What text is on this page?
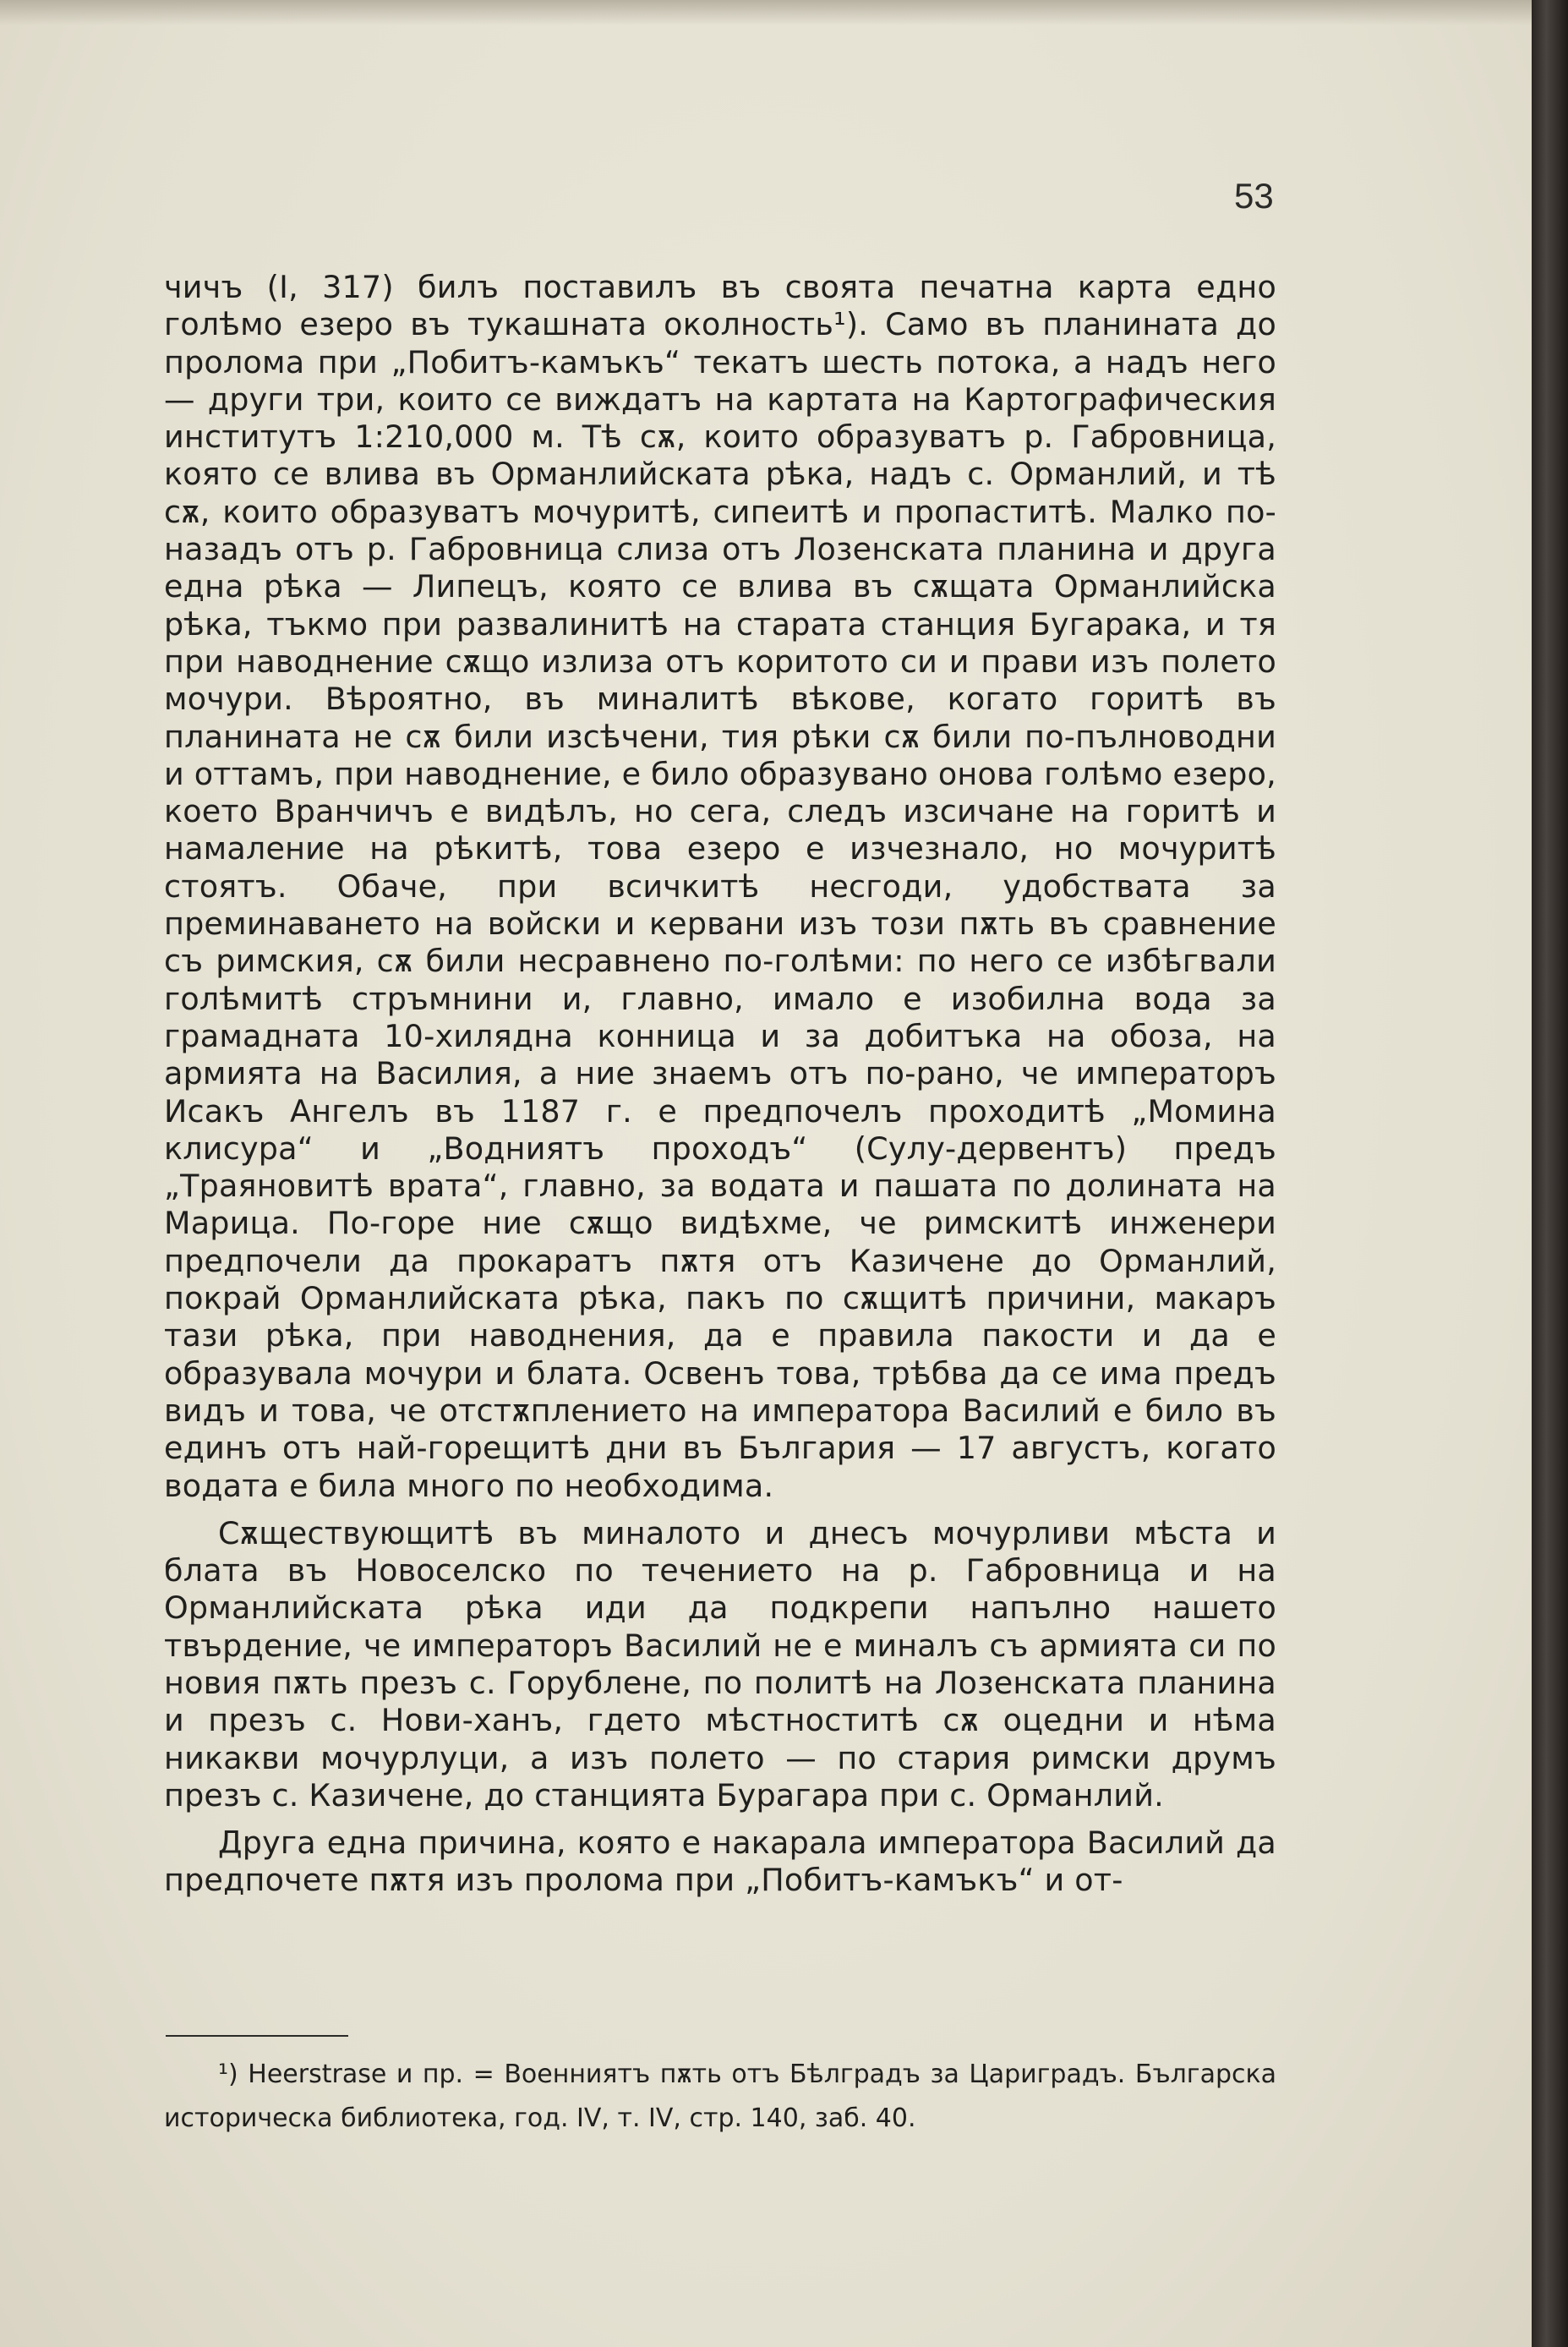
53

чичъ (I, 317) билъ поставилъ въ своята печатна карта едно голѣмо езеро въ тукашната околность¹). Само въ планината до пролома при „Побитъ-камъкъ“ текатъ шесть потока, а надъ него — други три, които се виждатъ на картата на Картографическия институтъ 1:210,000 м. Тѣ сѫ, които образуватъ р. Габровница, която се влива въ Орманлийската рѣка, надъ с. Орманлий, и тѣ сѫ, които образуватъ мочуритѣ, сипеитѣ и пропаститѣ. Малко по-назадъ отъ р. Габровница слиза отъ Лозенската планина и друга една рѣка — Липецъ, която се влива въ сѫщата Орманлийска рѣка, тъкмо при развалинитѣ на старата станция Бугарака, и тя при наводнение сѫщо излиза отъ коритото си и прави изъ полето мочури. Вѣроятно, въ миналитѣ вѣкове, когато горитѣ въ планината не сѫ били изсѣчени, тия рѣки сѫ били по-пълноводни и оттамъ, при наводнение, е било образувано онова голѣмо езеро, което Вранчичъ е видѣлъ, но сега, следъ изсичане на горитѣ и намаление на рѣкитѣ, това езеро е изчезнало, но мочуритѣ стоятъ. Обаче, при всичкитѣ несгоди, удобствата за преминаването на войски и кервани изъ този пѫть въ сравнение съ римския, сѫ били несравнено по-голѣми: по него се избѣгвали голѣмитѣ стръмнини и, главно, имало е изобилна вода за грамадната 10-хилядна конница и за добитъка на обоза, на армията на Василия, а ние знаемъ отъ по-рано, че императоръ Исакъ Ангелъ въ 1187 г. е предпочелъ проходитѣ „Момина клисура“ и „Водниятъ проходъ“ (Сулу-дервентъ) предъ „Траяновитѣ врата“, главно, за водата и пашата по долината на Марица. По-горе ние сѫщо видѣхме, че римскитѣ инженери предпочели да прокаратъ пѫтя отъ Казичене до Орманлий, покрай Орманлийската рѣка, пакъ по сѫщитѣ причини, макаръ тази рѣка, при наводнения, да е правила пакости и да е образувала мочури и блата. Освенъ това, трѣбва да се има предъ видъ и това, че отстѫплението на императора Василий е било въ единъ отъ най-горещитѣ дни въ България — 17 августъ, когато водата е била много по необходима.

Сѫществующитѣ въ миналото и днесъ мочурливи мѣста и блата въ Новоселско по течението на р. Габровница и на Орманлийската рѣка иди да подкрепи напълно нашето твърдение, че императоръ Василий не е миналъ съ армията си по новия пѫть презъ с. Горублене, по политѣ на Лозенската планина и презъ с. Нови-ханъ, гдето мѣстноститѣ сѫ оцедни и нѣма никакви мочурлуци, а изъ полето — по стария римски друмъ презъ с. Казичене, до станцията Бурагара при с. Орманлий.

Друга една причина, която е накарала императора Василий да предпочете пѫтя изъ пролома при „Побитъ-камъкъ“ и от-

¹) Heerstrase и пр. = Военниятъ пѫть отъ Бѣлградъ за Цариградъ. Българска историческа библиотека, год. IV, т. IV, стр. 140, заб. 40.
